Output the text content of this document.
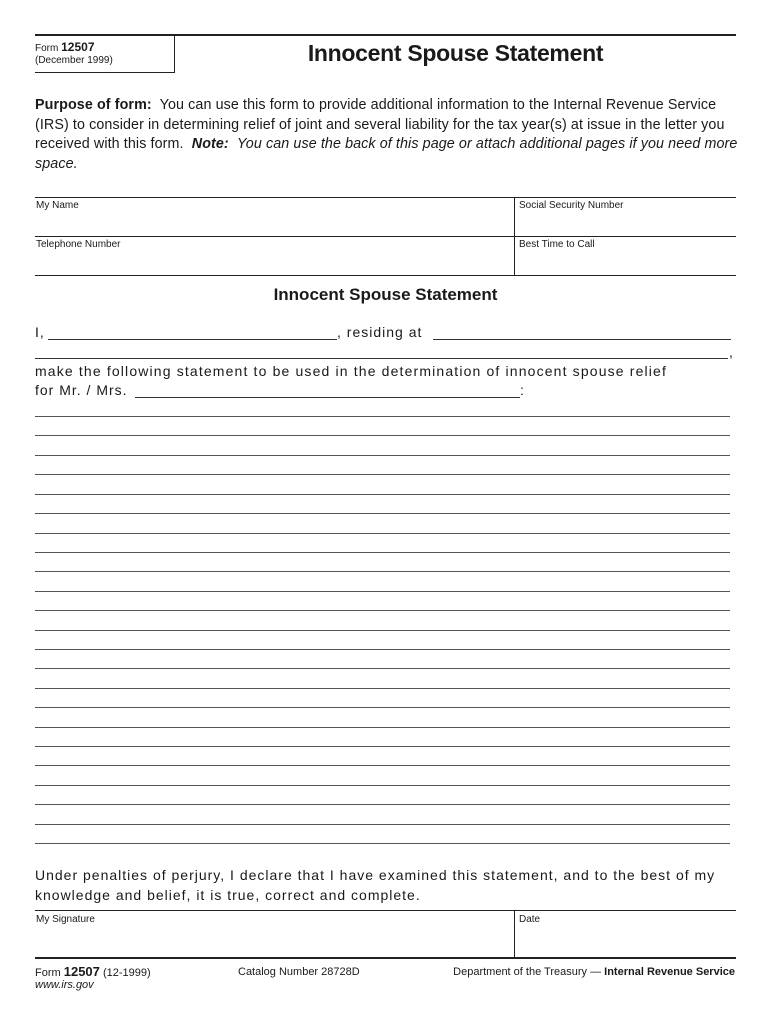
Form 12507
(December 1999)	Innocent Spouse Statement
Purpose of form: You can use this form to provide additional information to the Internal Revenue Service (IRS) to consider in determining relief of joint and several liability for the tax year(s) at issue in the letter you received with this form. Note: You can use the back of this page or attach additional pages if you need more space.
My Name	Social Security Number
Telephone Number	Best Time to Call
Innocent Spouse Statement
I,	, residing at
,
make the following statement to be used in the determination of innocent spouse relief
for Mr. / Mrs.	:
Under penalties of perjury, I declare that I have examined this statement, and to the best of my knowledge and belief, it is true, correct and complete.
My Signature	Date
Form 12507 (12-1999)
www.irs.gov
Catalog Number 28728D	Department of the Treasury — Internal Revenue Service
